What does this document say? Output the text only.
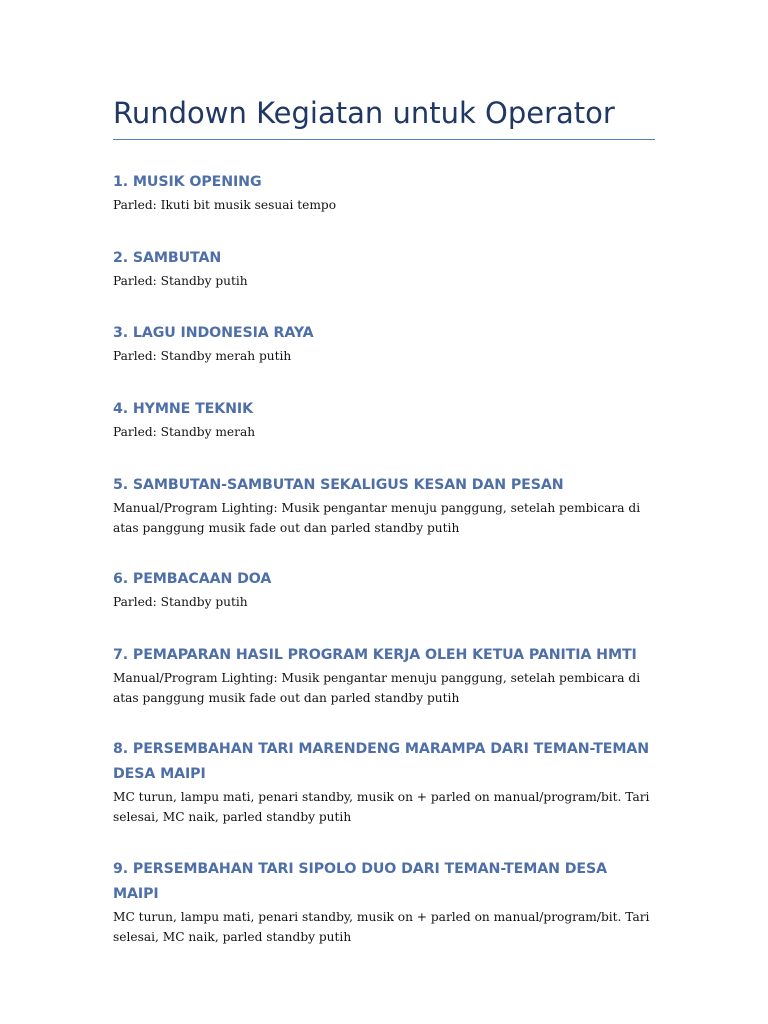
Rundown Kegiatan untuk Operator
1. MUSIK OPENING

Parled: Ikuti bit musik sesuai tempo

2. SAMBUTAN

Parled: Standby putih

3. LAGU INDONESIA RAYA

Parled: Standby merah putih

4. HYMNE TEKNIK

Parled: Standby merah

5. SAMBUTAN-SAMBUTAN SEKALIGUS KESAN DAN PESAN

Manual/Program Lighting: Musik pengantar menuju panggung, setelah pembicara di atas panggung musik fade out dan parled standby putih

6. PEMBACAAN DOA

Parled: Standby putih

7. PEMAPARAN HASIL PROGRAM KERJA OLEH KETUA PANITIA HMTI

Manual/Program Lighting: Musik pengantar menuju panggung, setelah pembicara di atas panggung musik fade out dan parled standby putih

8. PERSEMBAHAN TARI MARENDENG MARAMPA DARI TEMAN-TEMAN DESA MAIPI

MC turun, lampu mati, penari standby, musik on + parled on manual/program/bit. Tari selesai, MC naik, parled standby putih

9. PERSEMBAHAN TARI SIPOLO DUO DARI TEMAN-TEMAN DESA MAIPI

MC turun, lampu mati, penari standby, musik on + parled on manual/program/bit. Tari selesai, MC naik, parled standby putih
